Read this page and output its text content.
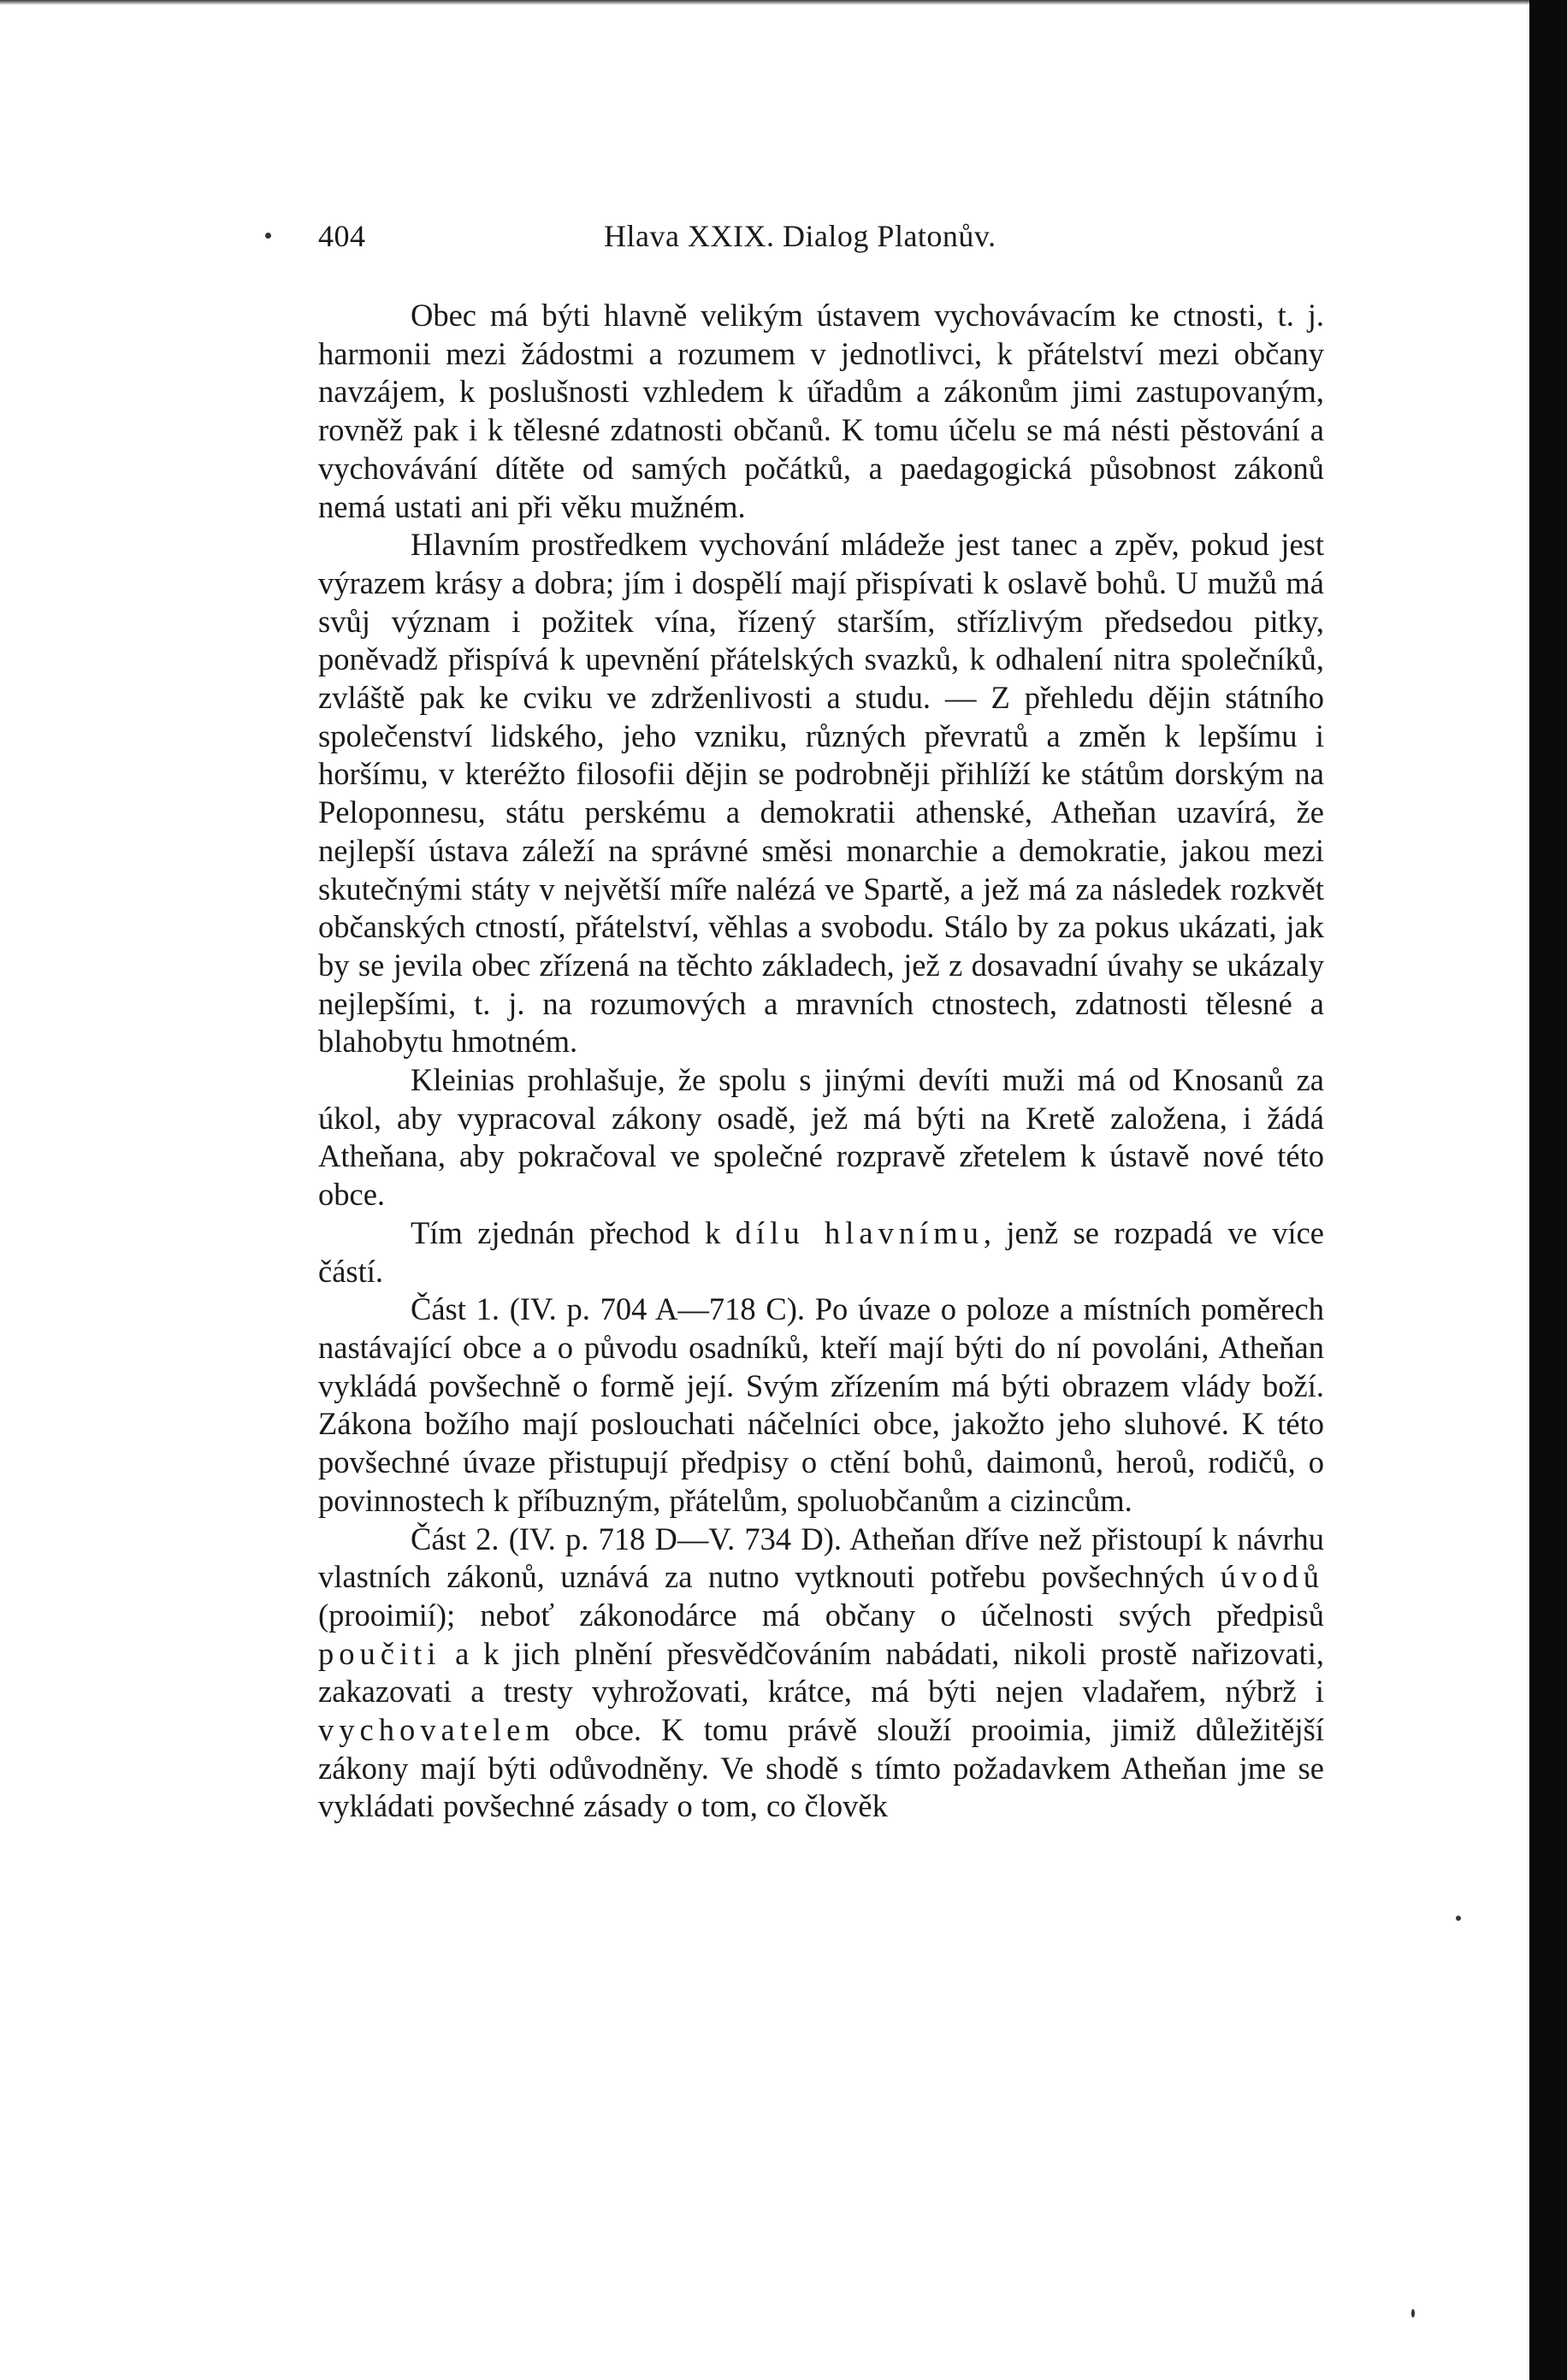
404	Hlava XXIX. Dialog Platonův.

Obec má býti hlavně velikým ústavem vychovávacím ke ctnosti, t. j. harmonii mezi žádostmi a rozumem v jednotlivci, k přátelství mezi občany navzájem, k poslušnosti vzhledem k úřadům a zákonům jimi zastupovaným, rovněž pak i k tělesné zdatnosti občanů. K tomu účelu se má nésti pěstování a vychovávání dítěte od samých počátků, a paedagogická působnost zákonů nemá ustati ani při věku mužném.

Hlavním prostředkem vychování mládeže jest tanec a zpěv, pokud jest výrazem krásy a dobra; jím i dospělí mají přispívati k oslavě bohů. U mužů má svůj význam i požitek vína, řízený starším, střízlivým předsedou pitky, poněvadž přispívá k upevnění přátelských svazků, k odhalení nitra společníků, zvláště pak ke cviku ve zdrženlivosti a studu. — Z přehledu dějin státního společenství lidského, jeho vzniku, různých převratů a změn k lepšímu i horšímu, v kteréžto filosofii dějin se podrobněji přihlíží ke státům dorským na Peloponnesu, státu perskému a demokratii athenské, Atheňan uzavírá, že nejlepší ústava záleží na správné směsi monarchie a demokratie, jakou mezi skutečnými státy v největší míře nalézá ve Spartě, a jež má za následek rozkvět občanských ctností, přátelství, věhlas a svobodu. Stálo by za pokus ukázati, jak by se jevila obec zřízená na těchto základech, jež z dosavadní úvahy se ukázaly nejlepšími, t. j. na rozumových a mravních ctnostech, zdatnosti tělesné a blahobytu hmotném.

Kleinias prohlašuje, že spolu s jinými devíti muži má od Knosanů za úkol, aby vypracoval zákony osadě, jež má býti na Kretě založena, i žádá Atheňana, aby pokračoval ve společné rozpravě zřetelem k ústavě nové této obce.

Tím zjednán přechod k dílu hlavnímu, jenž se rozpadá ve více částí.

Část 1. (IV. p. 704 A—718 C). Po úvaze o poloze a místních poměrech nastávající obce a o původu osadníků, kteří mají býti do ní povoláni, Atheňan vykládá povšechně o formě její. Svým zřízením má býti obrazem vlády boží. Zákona božího mají poslouchati náčelníci obce, jakožto jeho sluhové. K této povšechné úvaze přistupují předpisy o ctění bohů, daimonů, heroů, rodičů, o povinnostech k příbuzným, přátelům, spoluobčanům a cizincům.

Část 2. (IV. p. 718 D—V. 734 D). Atheňan dříve než přistoupí k návrhu vlastních zákonů, uznává za nutno vytknouti potřebu povšechných úvodů (prooimií); neboť zákonodárce má občany o účelnosti svých předpisů poučiti a k jich plnění přesvědčováním nabádati, nikoli prostě nařizovati, zakazovati a tresty vyhrožovati, krátce, má býti nejen vladařem, nýbrž i vychovatelem obce. K tomu právě slouží prooimia, jimiž důležitější zákony mají býti odůvodněny. Ve shodě s tímto požadavkem Atheňan jme se vykládati povšechné zásady o tom, co člověk
